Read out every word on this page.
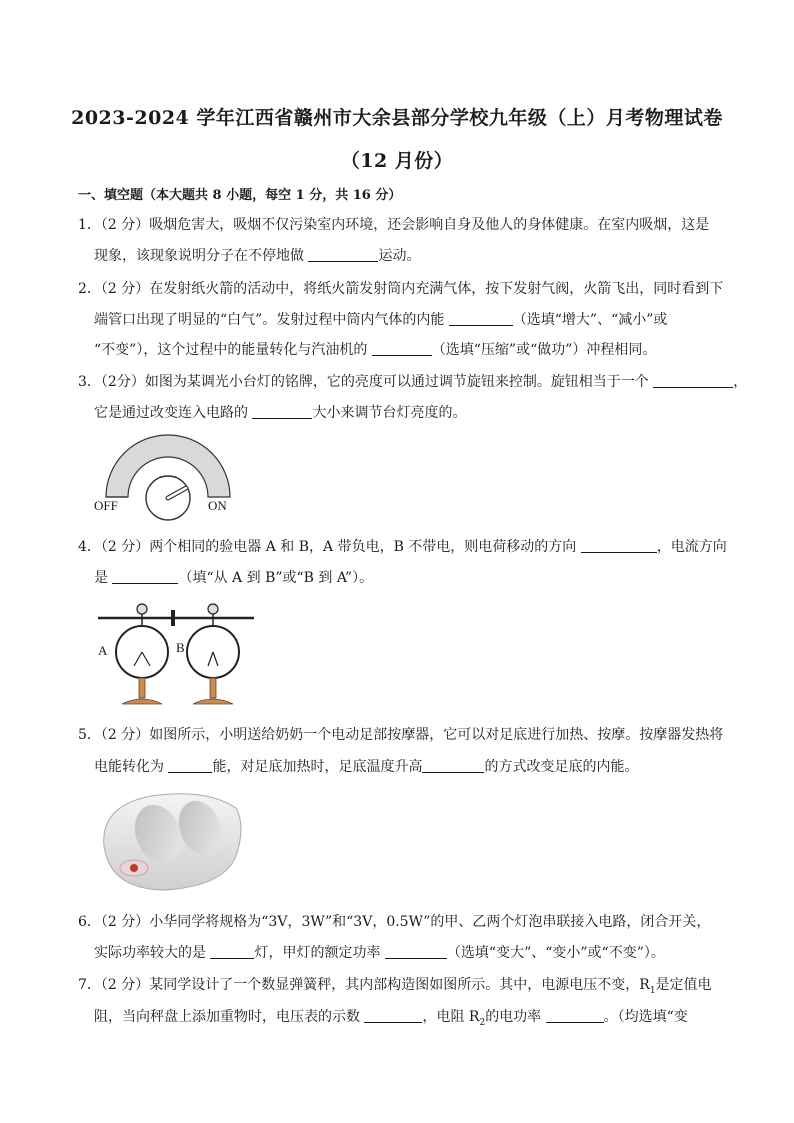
2023-2024 学年江西省赣州市大余县部分学校九年级（上）月考物理试卷
（12 月份）
一、填空题（本大题共 8 小题，每空 1 分，共 16 分）
1．（2 分）吸烟危害大，吸烟不仅污染室内环境，还会影响自身及他人的身体健康。在室内吸烟，这是
现象，该现象说明分子在不停地做	运动。
2．（2 分）在发射纸火箭的活动中，将纸火箭发射筒内充满气体，按下发射气阀，火箭飞出，同时看到下
端管口出现了明显的“白气”。发射过程中筒内气体的内能	（选填“增大”、“减小”或
“不变”），这个过程中的能量转化与汽油机的	（选填“压缩”或“做功”）冲程相同。
3．（2分）如图为某调光小台灯的铭牌，它的亮度可以通过调节旋钮来控制。旋钮相当于一个	，
它是通过改变连入电路的	大小来调节台灯亮度的。
OFF	ON
4．（2 分）两个相同的验电器 A 和 B，A 带负电，B 不带电，则电荷移动的方向	，电流方向
是	（填“从 A 到 B”或“B 到 A”）。
A	B
5．（2 分）如图所示，小明送给奶奶一个电动足部按摩器，它可以对足底进行加热、按摩。按摩器发热将
电能转化为	能，对足底加热时，足底温度升高	的方式改变足底的内能。
6．（2 分）小华同学将规格为“3V，3W”和“3V，0.5W”的甲、乙两个灯泡串联接入电路，闭合开关，
实际功率较大的是	灯，甲灯的额定功率	（选填“变大”、“变小”或“不变”）。
7．（2 分）某同学设计了一个数显弹簧秤，其内部构造图如图所示。其中，电源电压不变，$R_1$是定值电
阻，当向秤盘上添加重物时，电压表的示数	，电阻 $R_2$的电功率	。（均选填“变
